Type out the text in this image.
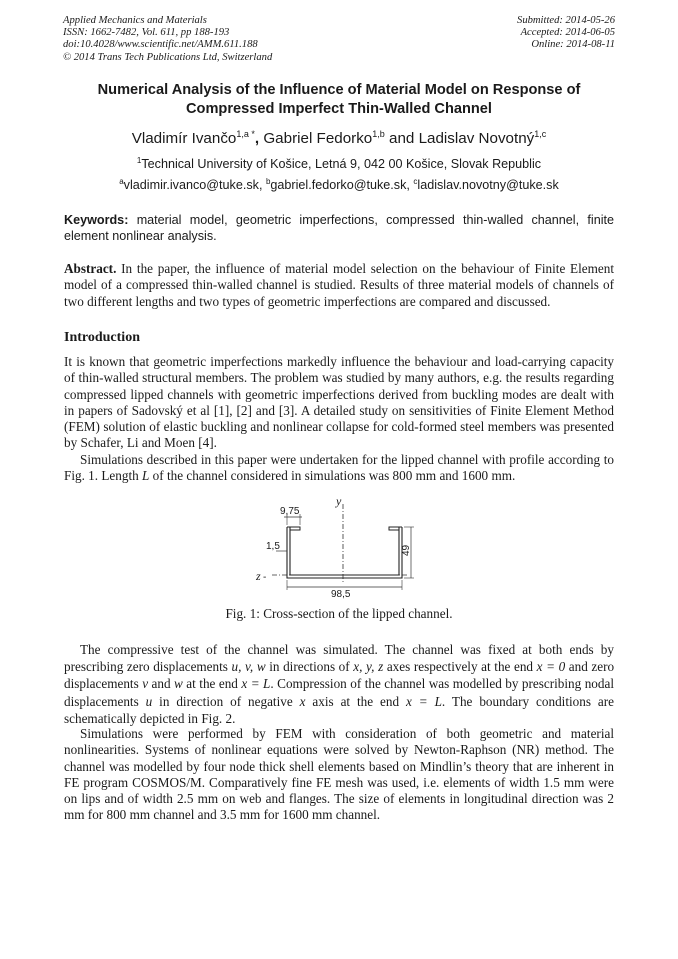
Applied Mechanics and Materials
ISSN: 1662-7482, Vol. 611, pp 188-193
doi:10.4028/www.scientific.net/AMM.611.188
© 2014 Trans Tech Publications Ltd, Switzerland
Submitted: 2014-05-26
Accepted: 2014-06-05
Online: 2014-08-11
Numerical Analysis of the Influence of Material Model on Response of Compressed Imperfect Thin-Walled Channel
Vladimír Ivančo$^{1,a *}$, Gabriel Fedorko$^{1,b}$ and Ladislav Novotný$^{1,c}$
$^1$Technical University of Košice, Letná 9, 042 00 Košice, Slovak Republic
$^a$vladimir.ivanco@tuke.sk, $^b$gabriel.fedorko@tuke.sk, $^c$ladislav.novotny@tuke.sk
Keywords: material model, geometric imperfections, compressed thin-walled channel, finite element nonlinear analysis.
Abstract. In the paper, the influence of material model selection on the behaviour of Finite Element model of a compressed thin-walled channel is studied. Results of three material models of channels of two different lengths and two types of geometric imperfections are compared and discussed.
Introduction
It is known that geometric imperfections markedly influence the behaviour and load-carrying capacity of thin-walled structural members. The problem was studied by many authors, e.g. the results regarding compressed lipped channels with geometric imperfections derived from buckling modes are dealt with in papers of Sadovský et al [1], [2] and [3]. A detailed study on sensitivities of Finite Element Method (FEM) solution of elastic buckling and nonlinear collapse for cold-formed steel members was presented by Schafer, Li and Moen [4].
Simulations described in this paper were undertaken for the lipped channel with profile according to Fig. 1. Length L of the channel considered in simulations was 800 mm and 1600 mm.
9,75
1,5	49
98,5
y
z -
Fig. 1: Cross-section of the lipped channel.
The compressive test of the channel was simulated. The channel was fixed at both ends by prescribing zero displacements u, v, w in directions of x, y, z axes respectively at the end x = 0 and zero displacements v and w at the end x = L. Compression of the channel was modelled by prescribing nodal displacements u in direction of negative x axis at the end x = L. The boundary conditions are schematically depicted in Fig. 2.
Simulations were performed by FEM with consideration of both geometric and material nonlinearities. Systems of nonlinear equations were solved by Newton-Raphson (NR) method. The channel was modelled by four node thick shell elements based on Mindlin’s theory that are inherent in FE program COSMOS/M. Comparatively fine FE mesh was used, i.e. elements of width 1.5 mm were on lips and of width 2.5 mm on web and flanges. The size of elements in longitudinal direction was 2 mm for 800 mm channel and 3.5 mm for 1600 mm channel.
